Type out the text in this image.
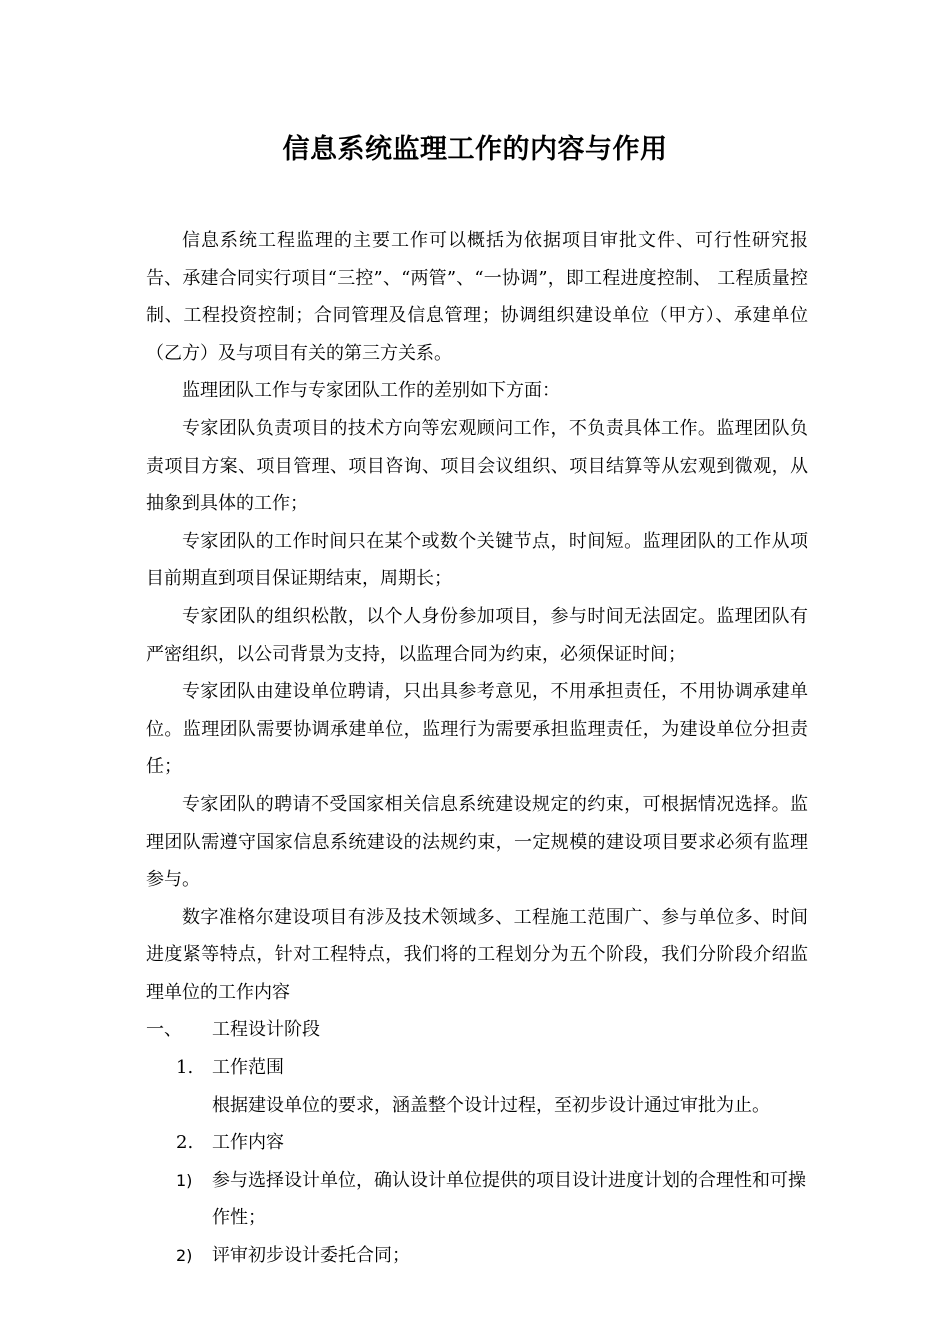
信息系统监理工作的内容与作用

信息系统工程监理的主要工作可以概括为依据项目审批文件、可行性研究报告、承建合同实行项目“三控”、“两管”、“一协调”，即工程进度控制、 工程质量控制、工程投资控制；合同管理及信息管理；协调组织建设单位（甲方）、承建单位（乙方）及与项目有关的第三方关系。

监理团队工作与专家团队工作的差别如下方面：

专家团队负责项目的技术方向等宏观顾问工作，不负责具体工作。监理团队负责项目方案、项目管理、项目咨询、项目会议组织、项目结算等从宏观到微观，从抽象到具体的工作；

专家团队的工作时间只在某个或数个关键节点，时间短。监理团队的工作从项目前期直到项目保证期结束，周期长；

专家团队的组织松散，以个人身份参加项目，参与时间无法固定。监理团队有严密组织，以公司背景为支持，以监理合同为约束，必须保证时间；

专家团队由建设单位聘请，只出具参考意见，不用承担责任，不用协调承建单位。监理团队需要协调承建单位，监理行为需要承担监理责任，为建设单位分担责任；

专家团队的聘请不受国家相关信息系统建设规定的约束，可根据情况选择。监理团队需遵守国家信息系统建设的法规约束，一定规模的建设项目要求必须有监理参与。

数字准格尔建设项目有涉及技术领域多、工程施工范围广、参与单位多、时间进度紧等特点，针对工程特点，我们将的工程划分为五个阶段，我们分阶段介绍监理单位的工作内容

一、	工程设计阶段

1.	工作范围

根据建设单位的要求，涵盖整个设计过程，至初步设计通过审批为止。

2.	工作内容

1)	参与选择设计单位，确认设计单位提供的项目设计进度计划的合理性和可操作性；

2)	评审初步设计委托合同；
